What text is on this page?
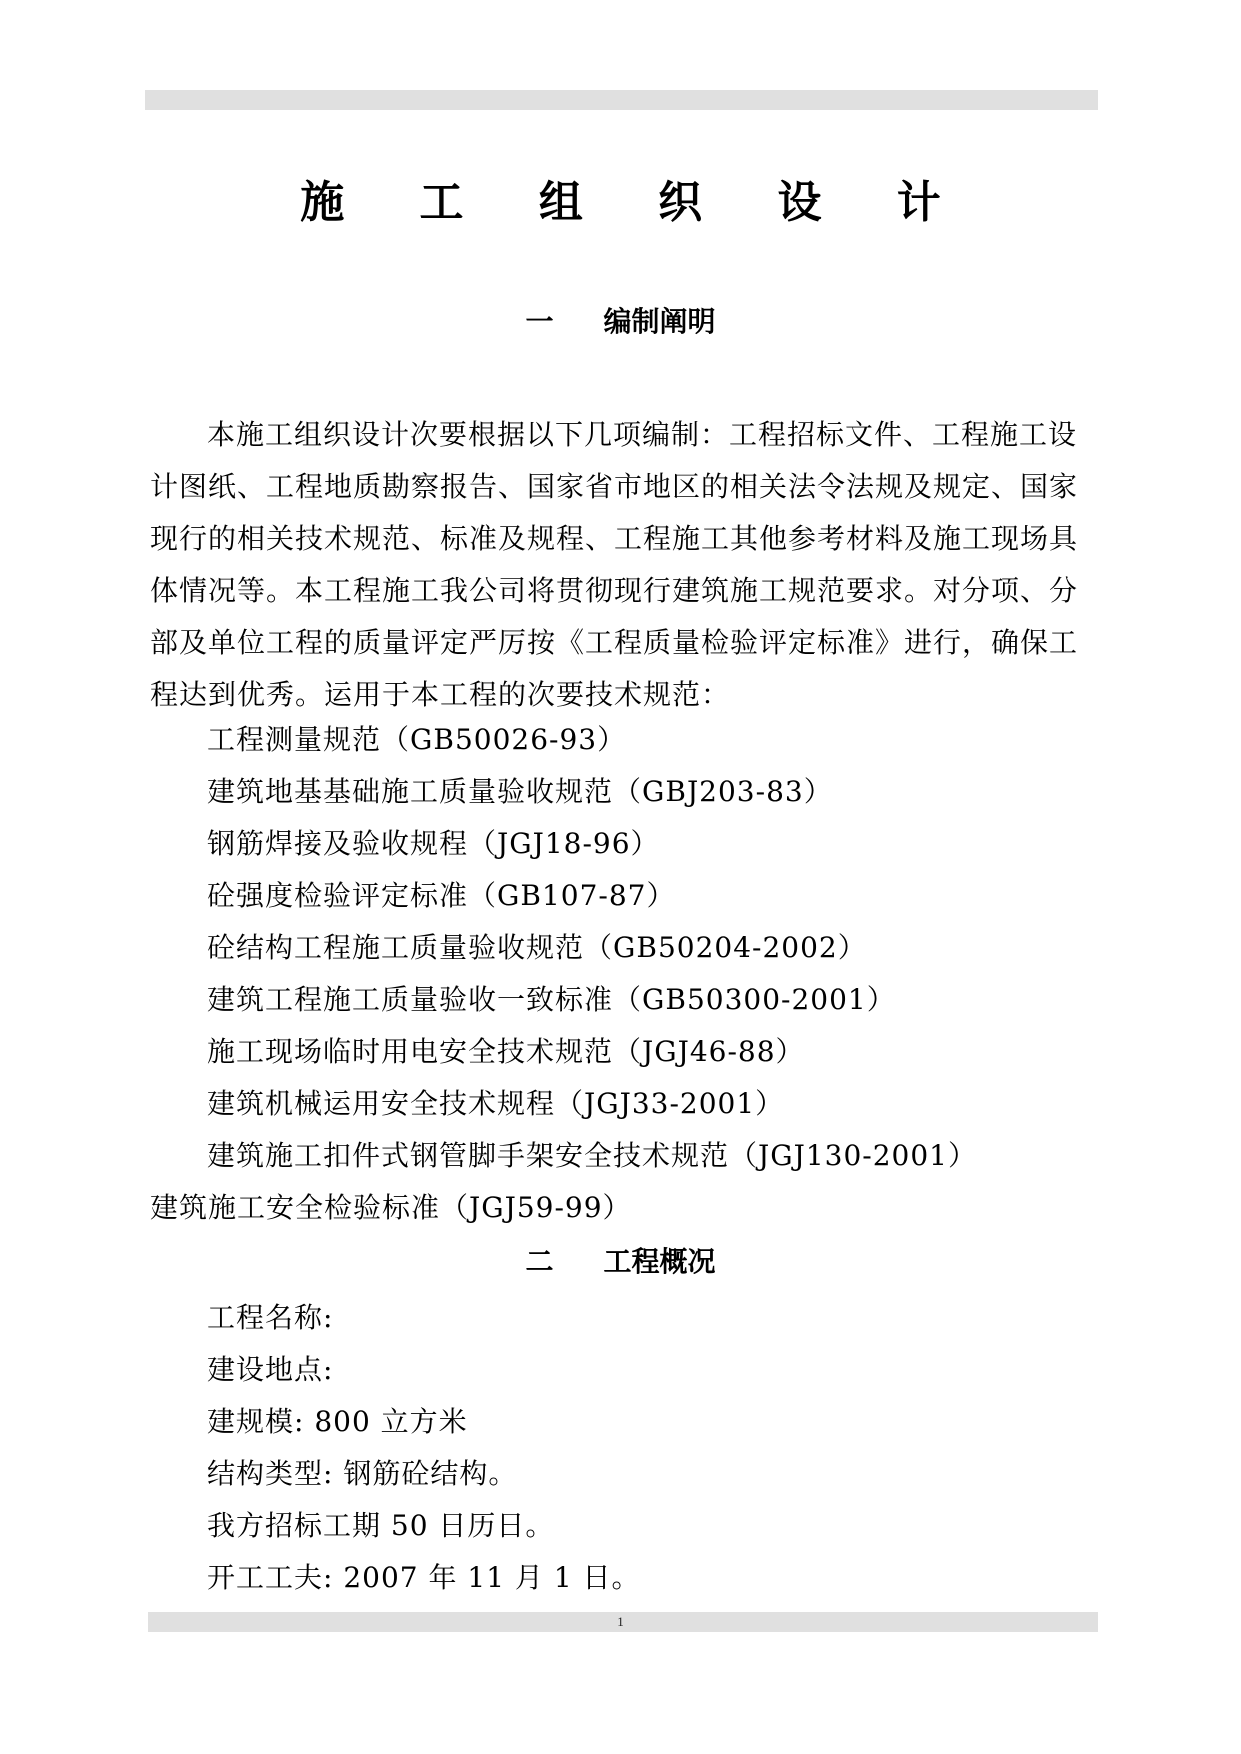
施 工 组 织 设 计
一 编制阐明

本施工组织设计次要根据以下几项编制：工程招标文件、工程施工设计图纸、工程地质勘察报告、国家省市地区的相关法令法规及规定、国家现行的相关技术规范、标准及规程、工程施工其他参考材料及施工现场具体情况等。本工程施工我公司将贯彻现行建筑施工规范要求。对分项、分部及单位工程的质量评定严厉按《工程质量检验评定标准》进行，确保工程达到优秀。运用于本工程的次要技术规范：

工程测量规范（GB50026-93）

建筑地基基础施工质量验收规范（GBJ203-83）

钢筋焊接及验收规程（JGJ18-96）

砼强度检验评定标准（GB107-87）

砼结构工程施工质量验收规范（GB50204-2002）

建筑工程施工质量验收一致标准（GB50300-2001）

施工现场临时用电安全技术规范（JGJ46-88）

建筑机械运用安全技术规程（JGJ33-2001）

建筑施工扣件式钢管脚手架安全技术规范（JGJ130-2001）

建筑施工安全检验标准（JGJ59-99）

二 工程概况

工程名称:

建设地点:

建规模: 800 立方米

结构类型: 钢筋砼结构。

我方招标工期 50 日历日。

开工工夫: 2007 年 11 月 1 日。

1
